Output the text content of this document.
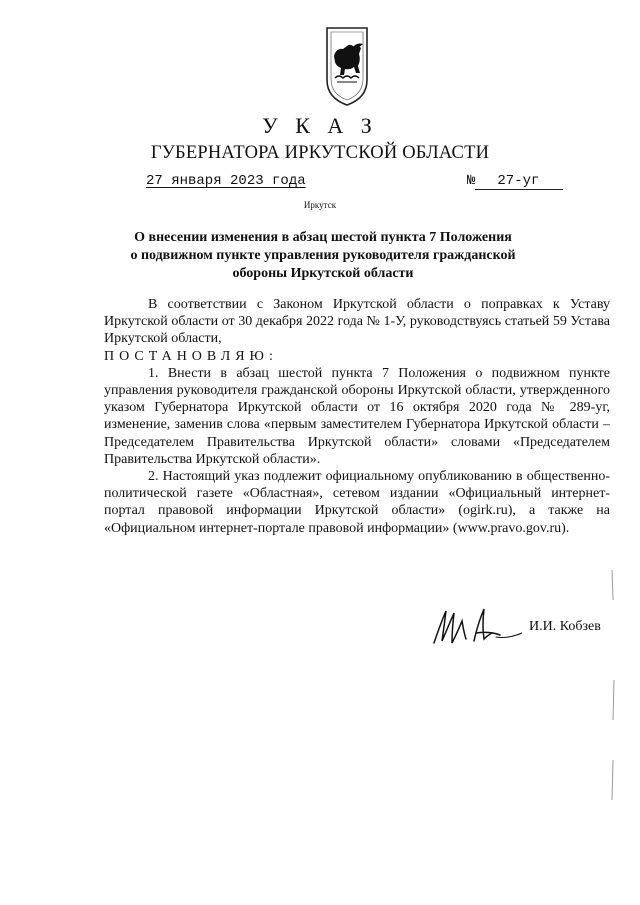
У К А З
ГУБЕРНАТОРА ИРКУТСКОЙ ОБЛАСТИ
27 января 2023 года	№ 27-уг
Иркутск
О внесении изменения в абзац шестой пункта 7 Положения о подвижном пункте управления руководителя гражданской обороны Иркутской области

В соответствии с Законом Иркутской области о поправках к Уставу Иркутской области от 30 декабря 2022 года № 1-У, руководствуясь статьей 59 Устава Иркутской области,

ПОСТАНОВЛЯЮ:

1. Внести в абзац шестой пункта 7 Положения о подвижном пункте управления руководителя гражданской обороны Иркутской области, утвержденного указом Губернатора Иркутской области от 16 октября 2020 года № 289-уг, изменение, заменив слова «первым заместителем Губернатора Иркутской области – Председателем Правительства Иркутской области» словами «Председателем Правительства Иркутской области».

2. Настоящий указ подлежит официальному опубликованию в общественно-политической газете «Областная», сетевом издании «Официальный интернет-портал правовой информации Иркутской области» (ogirk.ru), а также на «Официальном интернет-портале правовой информации» (www.pravo.gov.ru).

И.И. Кобзев
